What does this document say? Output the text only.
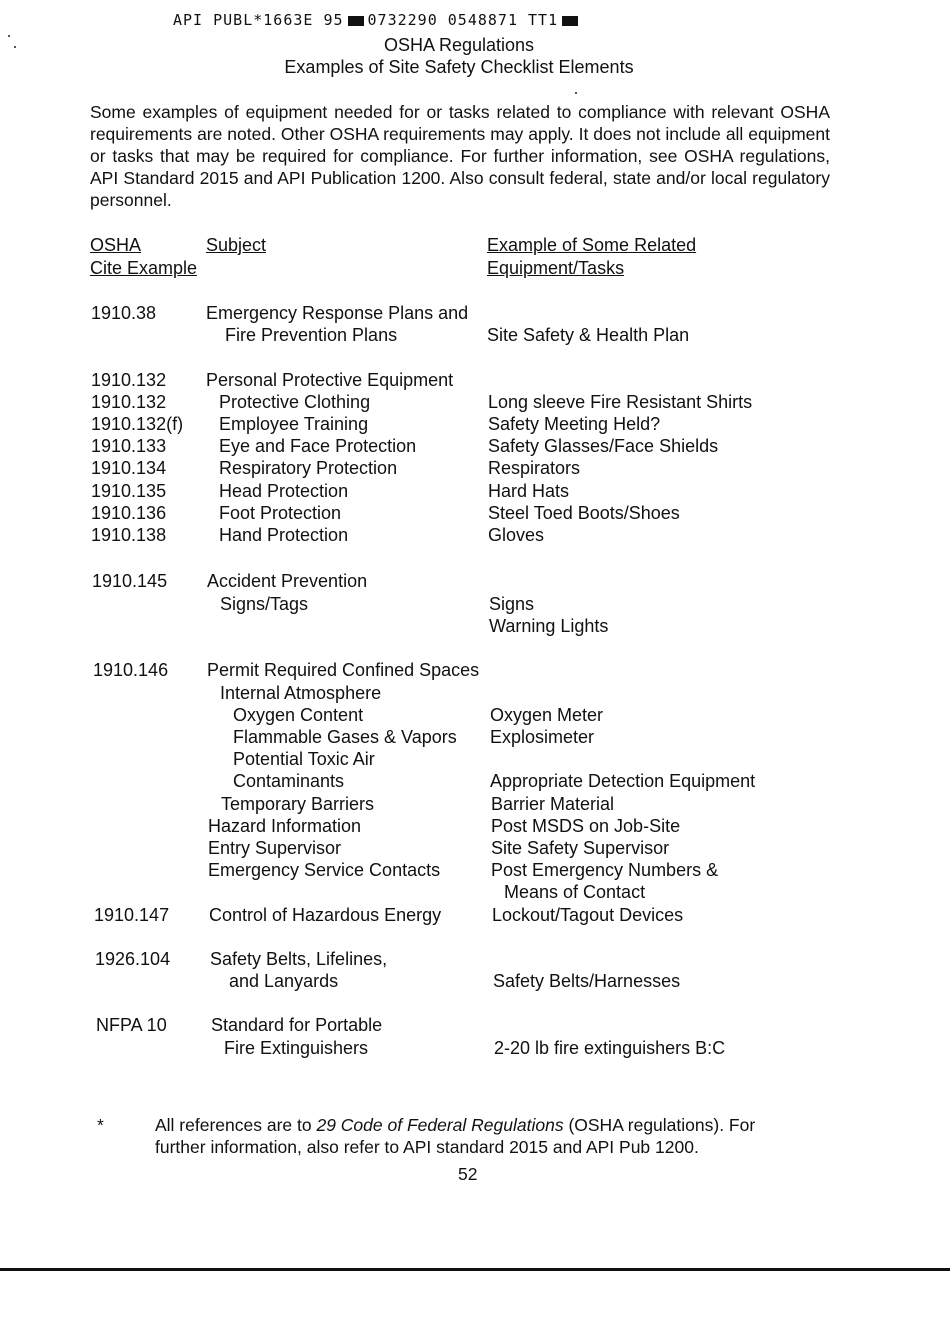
API PUBL*1663E 95 0732290 0548871 TT1
OSHA Regulations
Examples of Site Safety Checklist Elements
Some examples of equipment needed for or tasks related to compliance with relevant OSHA requirements are noted. Other OSHA requirements may apply. It does not include all equipment or tasks that may be required for compliance. For further information, see OSHA regulations, API Standard 2015 and API Publication 1200. Also consult federal, state and/or local regulatory personnel.
OSHA
Cite Example
Subject	Example of Some Related
Equipment/Tasks
1910.38	Emergency Response Plans and
Fire Prevention Plans	Site Safety & Health Plan
1910.132 Personal Protective Equipment
1910.132	Protective Clothing	Long sleeve Fire Resistant Shirts
1910.132(f) Employee Training	Safety Meeting Held?
1910.133	Eye and Face Protection	Safety Glasses/Face Shields
1910.134	Respiratory Protection	Respirators
1910.135	Head Protection	Hard Hats
1910.136	Foot Protection	Steel Toed Boots/Shoes
1910.138	Hand Protection	Gloves
1910.145 Accident Prevention
Signs/Tags	Signs
Warning Lights
1910.146 Permit Required Confined Spaces
Internal Atmosphere
Oxygen Content	Oxygen Meter
Flammable Gases & Vapors Explosimeter
Potential Toxic Air
Contaminants	Appropriate Detection Equipment
Temporary Barriers	Barrier Material
Hazard Information	Post MSDS on Job-Site
Entry Supervisor	Site Safety Supervisor
Emergency Service Contacts	Post Emergency Numbers &
Means of Contact
1910.147 Control of Hazardous Energy	Lockout/Tagout Devices
1926.104 Safety Belts, Lifelines,
and Lanyards	Safety Belts/Harnesses
NFPA 10 Standard for Portable
Fire Extinguishers	2-20 lb fire extinguishers B:C
*	All references are to 29 Code of Federal Regulations (OSHA regulations). For
further information, also refer to API standard 2015 and API Pub 1200.
52
